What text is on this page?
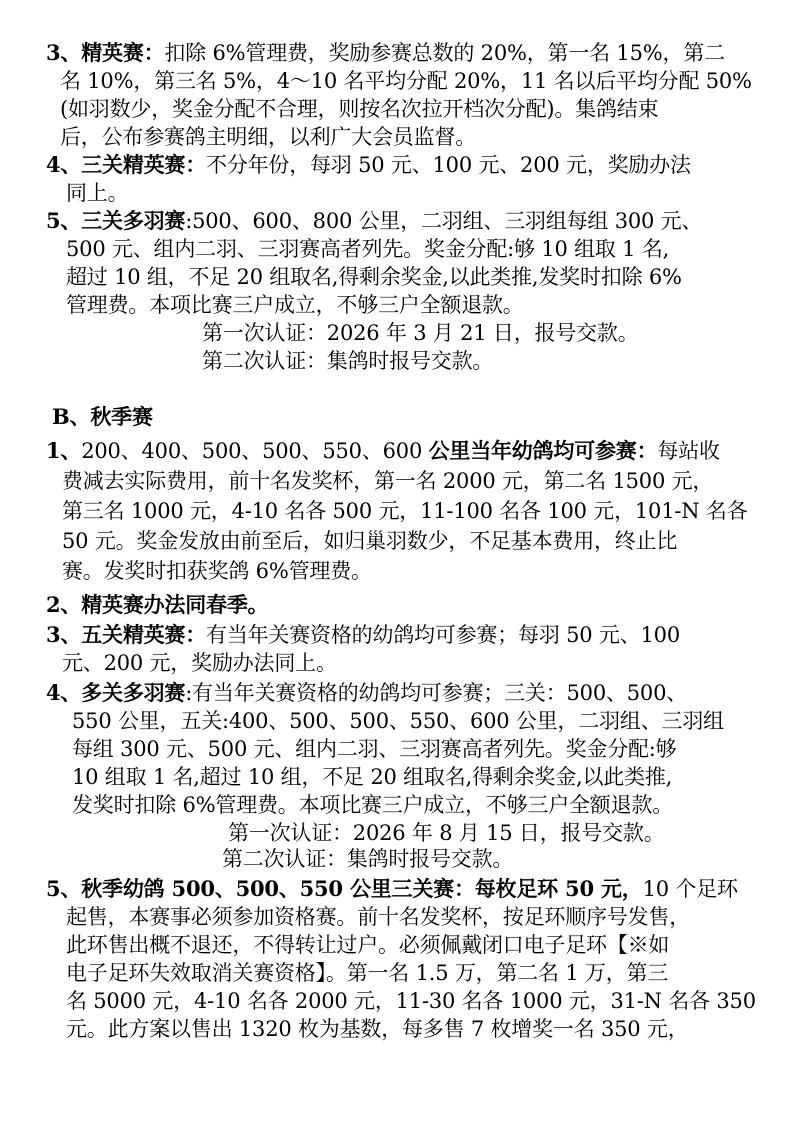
3、精英赛：扣除 6%管理费，奖励参赛总数的 20%，第一名 15%，第二
名 10%，第三名 5%，4～10 名平均分配 20%，11 名以后平均分配 50%
(如羽数少，奖金分配不合理，则按名次拉开档次分配)。集鸽结束
后，公布参赛鸽主明细，以利广大会员监督。
4、三关精英赛：不分年份，每羽 50 元、100 元、200 元，奖励办法
同上。
5、三关多羽赛:500、600、800 公里，二羽组、三羽组每组 300 元、
500 元、组内二羽、三羽赛高者列先。奖金分配:够 10 组取 1 名,
超过 10 组，不足 20 组取名,得剩余奖金,以此类推,发奖时扣除 6%
管理费。本项比赛三户成立，不够三户全额退款。
第一次认证：2026 年 3 月 21 日，报号交款。
第二次认证：集鸽时报号交款。
B、秋季赛
1、200、400、500、500、550、600 公里当年幼鸽均可参赛：每站收
费减去实际费用，前十名发奖杯，第一名 2000 元，第二名 1500 元，
第三名 1000 元，4-10 名各 500 元，11-100 名各 100 元，101-N 名各
50 元。奖金发放由前至后，如归巢羽数少，不足基本费用，终止比
赛。发奖时扣获奖鸽 6%管理费。
2、精英赛办法同春季。
3、五关精英赛：有当年关赛资格的幼鸽均可参赛；每羽 50 元、100
元、200 元，奖励办法同上。
4、多关多羽赛:有当年关赛资格的幼鸽均可参赛；三关：500、500、
550 公里，五关:400、500、500、550、600 公里，二羽组、三羽组
每组 300 元、500 元、组内二羽、三羽赛高者列先。奖金分配:够
10 组取 1 名,超过 10 组，不足 20 组取名,得剩余奖金,以此类推,
发奖时扣除 6%管理费。本项比赛三户成立，不够三户全额退款。
第一次认证：2026 年 8 月 15 日，报号交款。
第二次认证：集鸽时报号交款。
5、秋季幼鸽 500、500、550 公里三关赛：每枚足环 50 元，10 个足环
起售，本赛事必须参加资格赛。前十名发奖杯，按足环顺序号发售，
此环售出概不退还，不得转让过户。必须佩戴闭口电子足环【※如
电子足环失效取消关赛资格】。第一名 1.5 万，第二名 1 万，第三
名 5000 元，4-10 名各 2000 元，11-30 名各 1000 元，31-N 名各 350
元。此方案以售出 1320 枚为基数，每多售 7 枚增奖一名 350 元，
